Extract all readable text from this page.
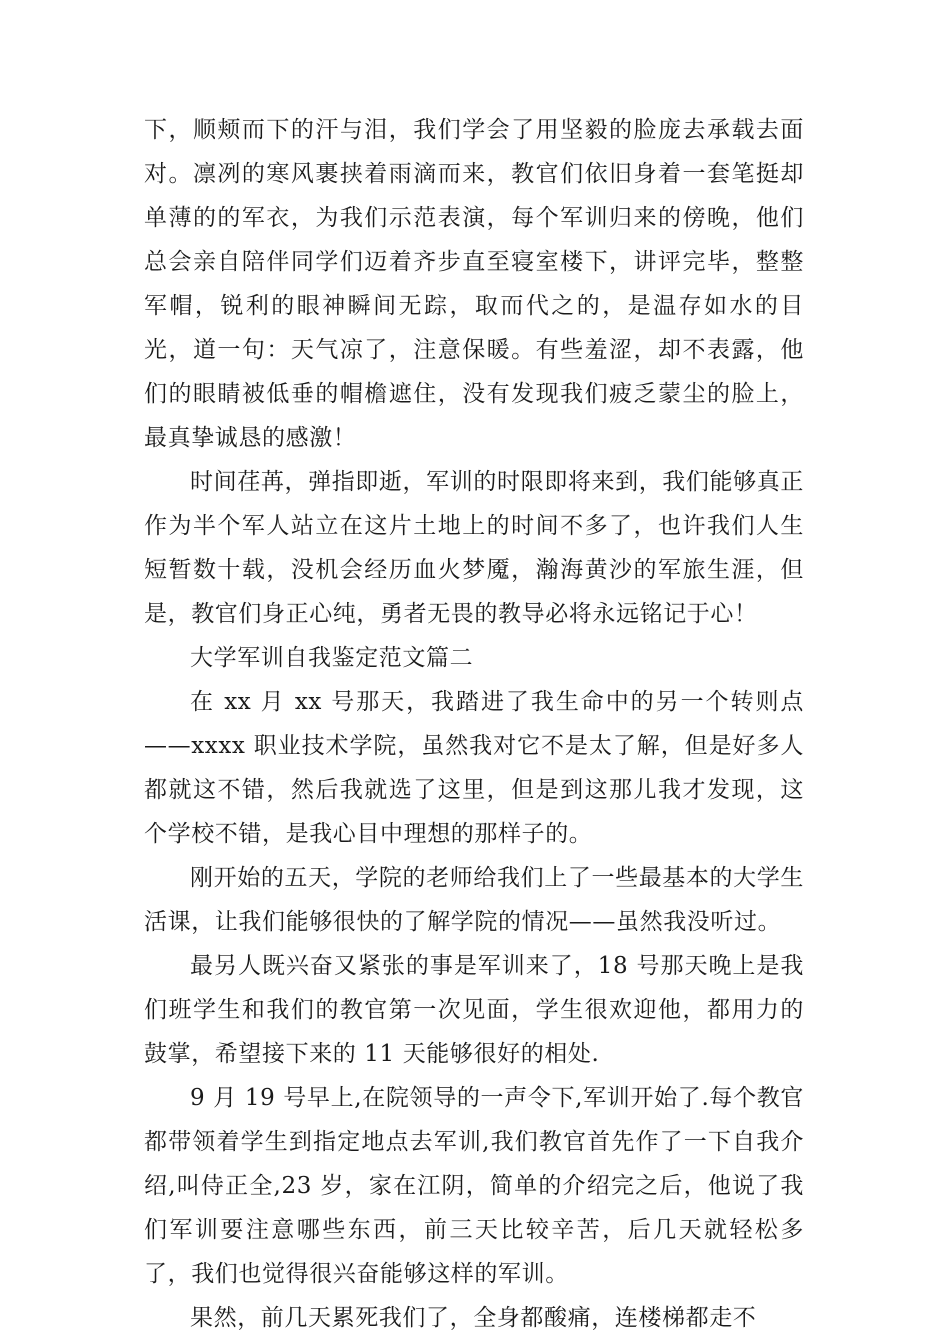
下，顺颊而下的汗与泪，我们学会了用坚毅的脸庞去承载去面对。凛冽的寒风裹挟着雨滴而来，教官们依旧身着一套笔挺却单薄的的军衣，为我们示范表演，每个军训归来的傍晚，他们总会亲自陪伴同学们迈着齐步直至寝室楼下，讲评完毕，整整军帽，锐利的眼神瞬间无踪，取而代之的，是温存如水的目光，道一句：天气凉了，注意保暖。有些羞涩，却不表露，他们的眼睛被低垂的帽檐遮住，没有发现我们疲乏蒙尘的脸上，最真挚诚恳的感激！

时间荏苒，弹指即逝，军训的时限即将来到，我们能够真正作为半个军人站立在这片土地上的时间不多了，也许我们人生短暂数十载，没机会经历血火梦魇，瀚海黄沙的军旅生涯，但是，教官们身正心纯，勇者无畏的教导必将永远铭记于心！

大学军训自我鉴定范文篇二

在 xx 月 xx 号那天，我踏进了我生命中的另一个转则点——xxxx 职业技术学院，虽然我对它不是太了解，但是好多人都就这不错，然后我就选了这里，但是到这那儿我才发现，这个学校不错，是我心目中理想的那样子的。

刚开始的五天，学院的老师给我们上了一些最基本的大学生活课，让我们能够很快的了解学院的情况——虽然我没听过。

最另人既兴奋又紧张的事是军训来了，18 号那天晚上是我们班学生和我们的教官第一次见面，学生很欢迎他，都用力的鼓掌，希望接下来的 11 天能够很好的相处.

9 月 19 号早上,在院领导的一声令下,军训开始了.每个教官都带领着学生到指定地点去军训,我们教官首先作了一下自我介绍,叫侍正全,23 岁，家在江阴，简单的介绍完之后，他说了我们军训要注意哪些东西，前三天比较辛苦，后几天就轻松多了，我们也觉得很兴奋能够这样的军训。

果然，前几天累死我们了，全身都酸痛，连楼梯都走不
